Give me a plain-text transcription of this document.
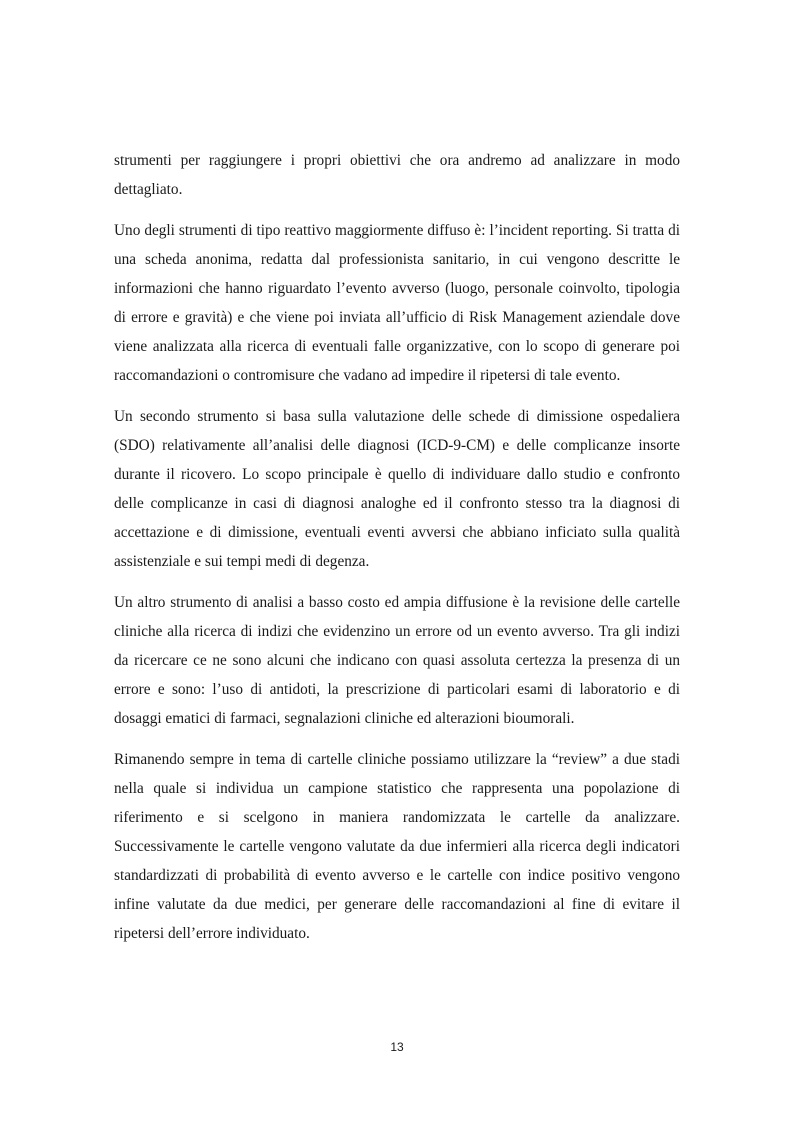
strumenti per raggiungere i propri obiettivi che ora andremo ad analizzare in modo dettagliato.

Uno degli strumenti di tipo reattivo maggiormente diffuso è: l’incident reporting. Si tratta di una scheda anonima, redatta dal professionista sanitario, in cui vengono descritte le informazioni che hanno riguardato l’evento avverso (luogo, personale coinvolto, tipologia di errore e gravità) e che viene poi inviata all’ufficio di Risk Management aziendale dove viene analizzata alla ricerca di eventuali falle organizzative, con lo scopo di generare poi raccomandazioni o contromisure che vadano ad impedire il ripetersi di tale evento.

Un secondo strumento si basa sulla valutazione delle schede di dimissione ospedaliera (SDO) relativamente all’analisi delle diagnosi (ICD-9-CM) e delle complicanze insorte durante il ricovero. Lo scopo principale è quello di individuare dallo studio e confronto delle complicanze in casi di diagnosi analoghe ed il confronto stesso tra la diagnosi di accettazione e di dimissione, eventuali eventi avversi che abbiano inficiato sulla qualità assistenziale e sui tempi medi di degenza.

Un altro strumento di analisi a basso costo ed ampia diffusione è la revisione delle cartelle cliniche alla ricerca di indizi che evidenzino un errore od un evento avverso. Tra gli indizi da ricercare ce ne sono alcuni che indicano con quasi assoluta certezza la presenza di un errore e sono: l’uso di antidoti, la prescrizione di particolari esami di laboratorio e di dosaggi ematici di farmaci, segnalazioni cliniche ed alterazioni bioumorali.

Rimanendo sempre in tema di cartelle cliniche possiamo utilizzare la “review” a due stadi nella quale si individua un campione statistico che rappresenta una popolazione di riferimento e si scelgono in maniera randomizzata le cartelle da analizzare. Successivamente le cartelle vengono valutate da due infermieri alla ricerca degli indicatori standardizzati di probabilità di evento avverso e le cartelle con indice positivo vengono infine valutate da due medici, per generare delle raccomandazioni al fine di evitare il ripetersi dell’errore individuato.

13
